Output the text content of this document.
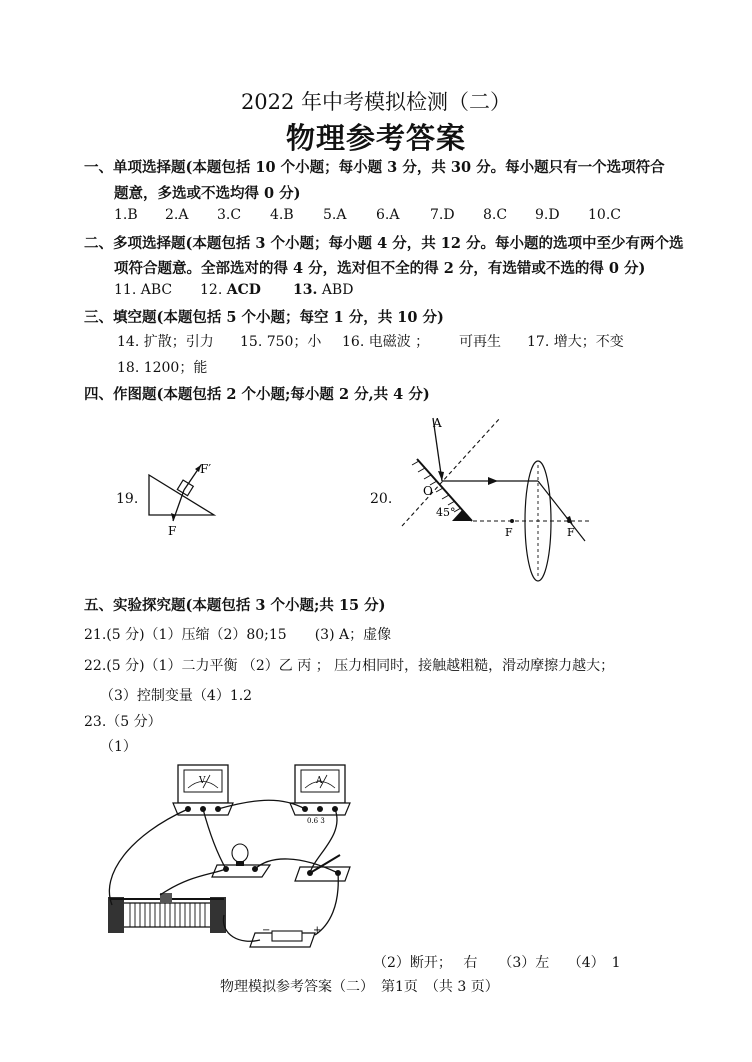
2022 年中考模拟检测（二）
物理参考答案
一、单项选择题(本题包括 10 个小题；每小题 3 分，共 30 分。每小题只有一个选项符合
题意，多选或不选均得 0 分)
1.B 2.A 3.C 4.B 5.A 6.A 7.D 8.C 9.D 10.C
二、多项选择题(本题包括 3 个小题；每小题 4 分，共 12 分。每小题的选项中至少有两个选
项符合题意。全部选对的得 4 分，选对但不全的得 2 分，有选错或不选的得 0 分)
11. ABC 12. ACD 13. ABD
三、填空题(本题包括 5 个小题；每空 1 分，共 10 分)
14. 扩散；引力 15. 750；小 16. 电磁波 ； 可再生 17. 增大；不变
18. 1200；能
四、作图题(本题包括 2 个小题;每小题 2 分,共 4 分)
19.	20.
F′
F
A
O
45°
F	F
五、实验探究题(本题包括 3 个小题;共 15 分)
21.(5 分)（1）压缩（2）80;15　　(3) A；虚像
22.(5 分)（1）二力平衡 （2）乙 丙 ； 压力相同时，接触越粗糙，滑动摩擦力越大；
（3）控制变量（4）1.2
23.（5 分）
（1）
V	A
0.6 3
−	+
（2）断开；　 右　　（3）左　 （4）　1
物理模拟参考答案（二）　第1页　（共 3 页）
